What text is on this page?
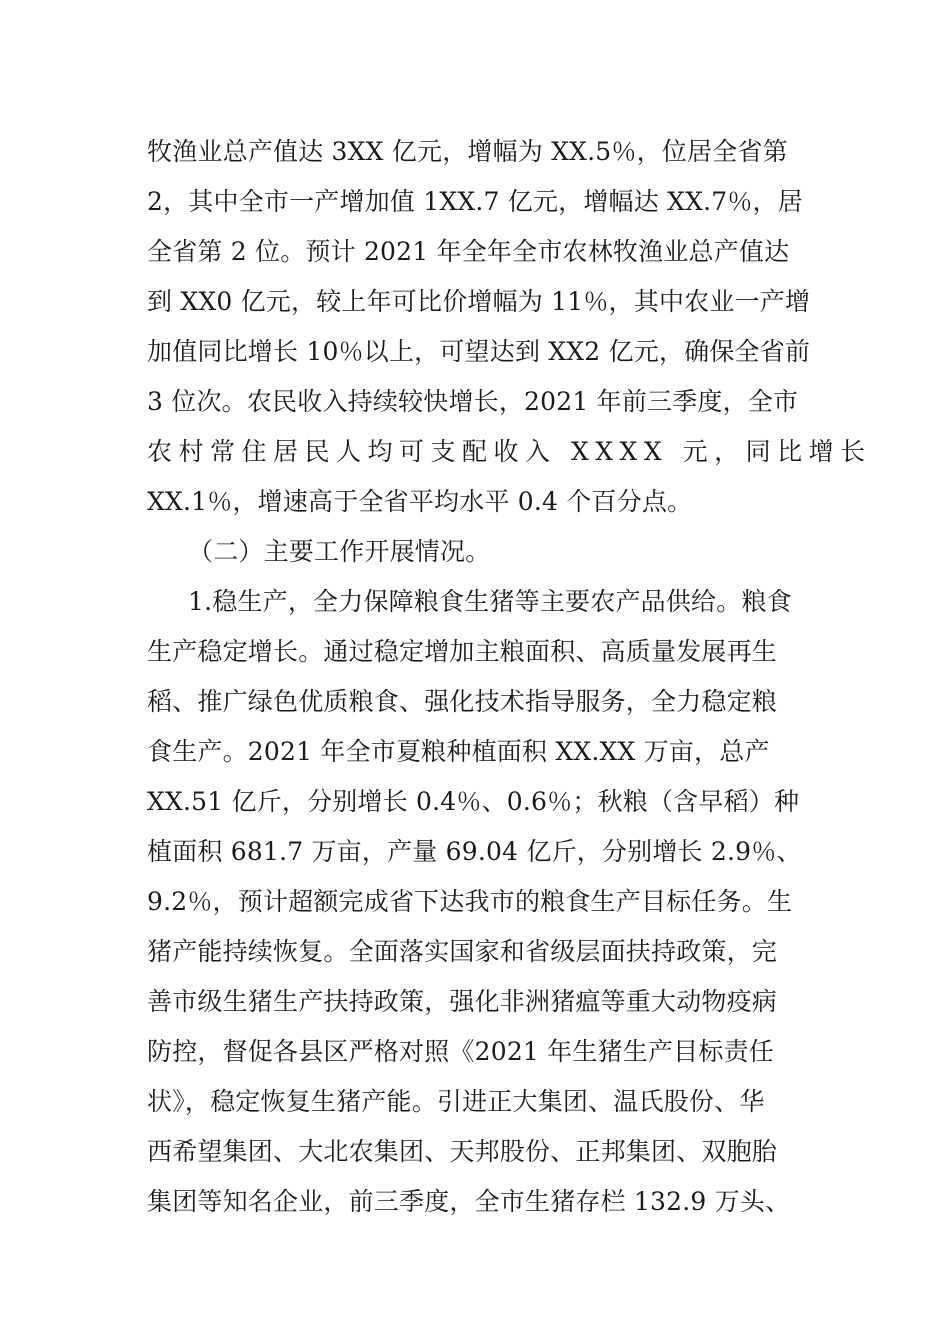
牧渔业总产值达 3XX 亿元，增幅为 XX.5％，位居全省第
2，其中全市一产增加值 1XX.7 亿元，增幅达 XX.7％，居
全省第 2 位。预计 2021 年全年全市农林牧渔业总产值达
到 XX0 亿元，较上年可比价增幅为 11％，其中农业一产增
加值同比增长 10％以上，可望达到 XX2 亿元，确保全省前
3 位次。农民收入持续较快增长，2021 年前三季度，全市
农村常住居民人均可支配收入 XXXX 元，同比增长
XX.1％，增速高于全省平均水平 0.4 个百分点。
（二）主要工作开展情况。
1.稳生产，全力保障粮食生猪等主要农产品供给。粮食
生产稳定增长。通过稳定增加主粮面积、高质量发展再生
稻、推广绿色优质粮食、强化技术指导服务，全力稳定粮
食生产。2021 年全市夏粮种植面积 XX.XX 万亩，总产
XX.51 亿斤，分别增长 0.4％、0.6％；秋粮（含早稻）种
植面积 681.7 万亩，产量 69.04 亿斤，分别增长 2.9％、
9.2％，预计超额完成省下达我市的粮食生产目标任务。生
猪产能持续恢复。全面落实国家和省级层面扶持政策，完
善市级生猪生产扶持政策，强化非洲猪瘟等重大动物疫病
防控，督促各县区严格对照《2021 年生猪生产目标责任
状》，稳定恢复生猪产能。引进正大集团、温氏股份、华
西希望集团、大北农集团、天邦股份、正邦集团、双胞胎
集团等知名企业，前三季度，全市生猪存栏 132.9 万头、
